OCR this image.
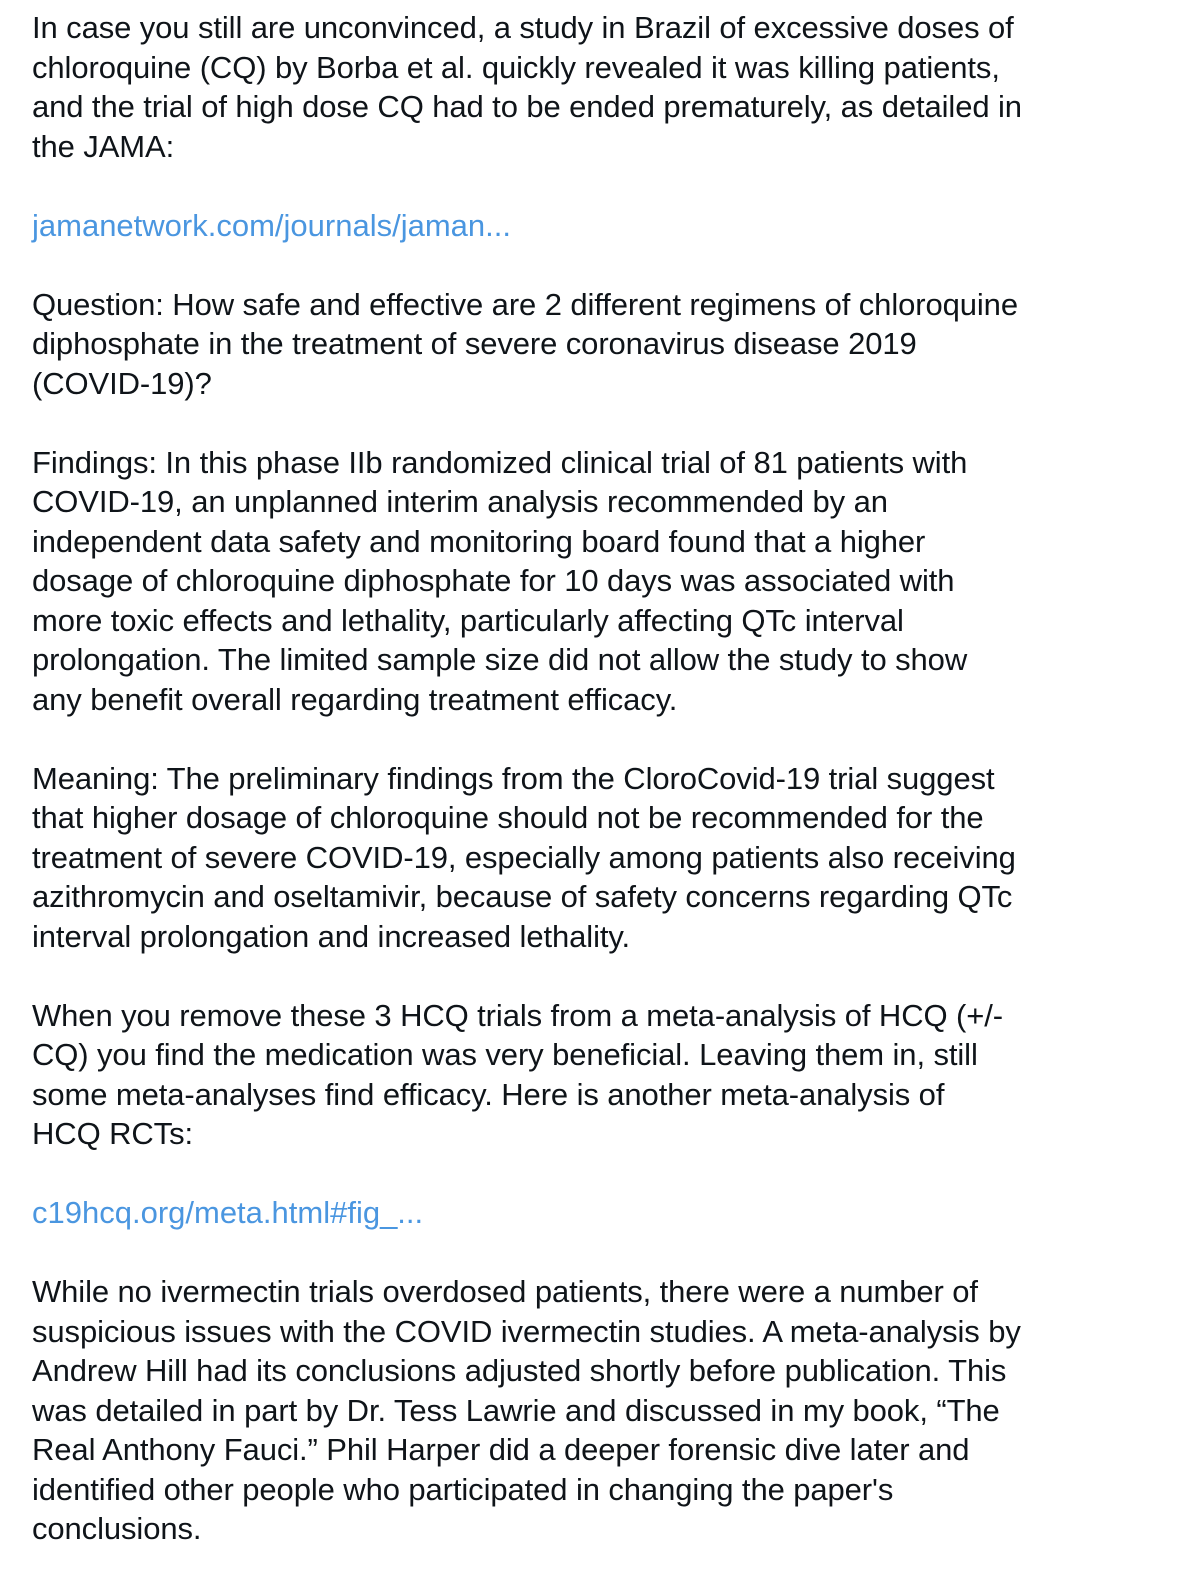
In case you still are unconvinced, a study in Brazil of excessive doses of
chloroquine (CQ) by Borba et al. quickly revealed it was killing patients,
and the trial of high dose CQ had to be ended prematurely, as detailed in
the JAMA:

jamanetwork.com/journals/jaman...

Question: How safe and effective are 2 different regimens of chloroquine
diphosphate in the treatment of severe coronavirus disease 2019
(COVID-19)?

Findings: In this phase IIb randomized clinical trial of 81 patients with
COVID-19, an unplanned interim analysis recommended by an
independent data safety and monitoring board found that a higher
dosage of chloroquine diphosphate for 10 days was associated with
more toxic effects and lethality, particularly affecting QTc interval
prolongation. The limited sample size did not allow the study to show
any benefit overall regarding treatment efficacy.

Meaning: The preliminary findings from the CloroCovid-19 trial suggest
that higher dosage of chloroquine should not be recommended for the
treatment of severe COVID-19, especially among patients also receiving
azithromycin and oseltamivir, because of safety concerns regarding QTc
interval prolongation and increased lethality.

When you remove these 3 HCQ trials from a meta-analysis of HCQ (+/-
CQ) you find the medication was very beneficial. Leaving them in, still
some meta-analyses find efficacy. Here is another meta-analysis of
HCQ RCTs:

c19hcq.org/meta.html#fig_...

While no ivermectin trials overdosed patients, there were a number of
suspicious issues with the COVID ivermectin studies. A meta-analysis by
Andrew Hill had its conclusions adjusted shortly before publication. This
was detailed in part by Dr. Tess Lawrie and discussed in my book, “The
Real Anthony Fauci.” Phil Harper did a deeper forensic dive later and
identified other people who participated in changing the paper's
conclusions.
